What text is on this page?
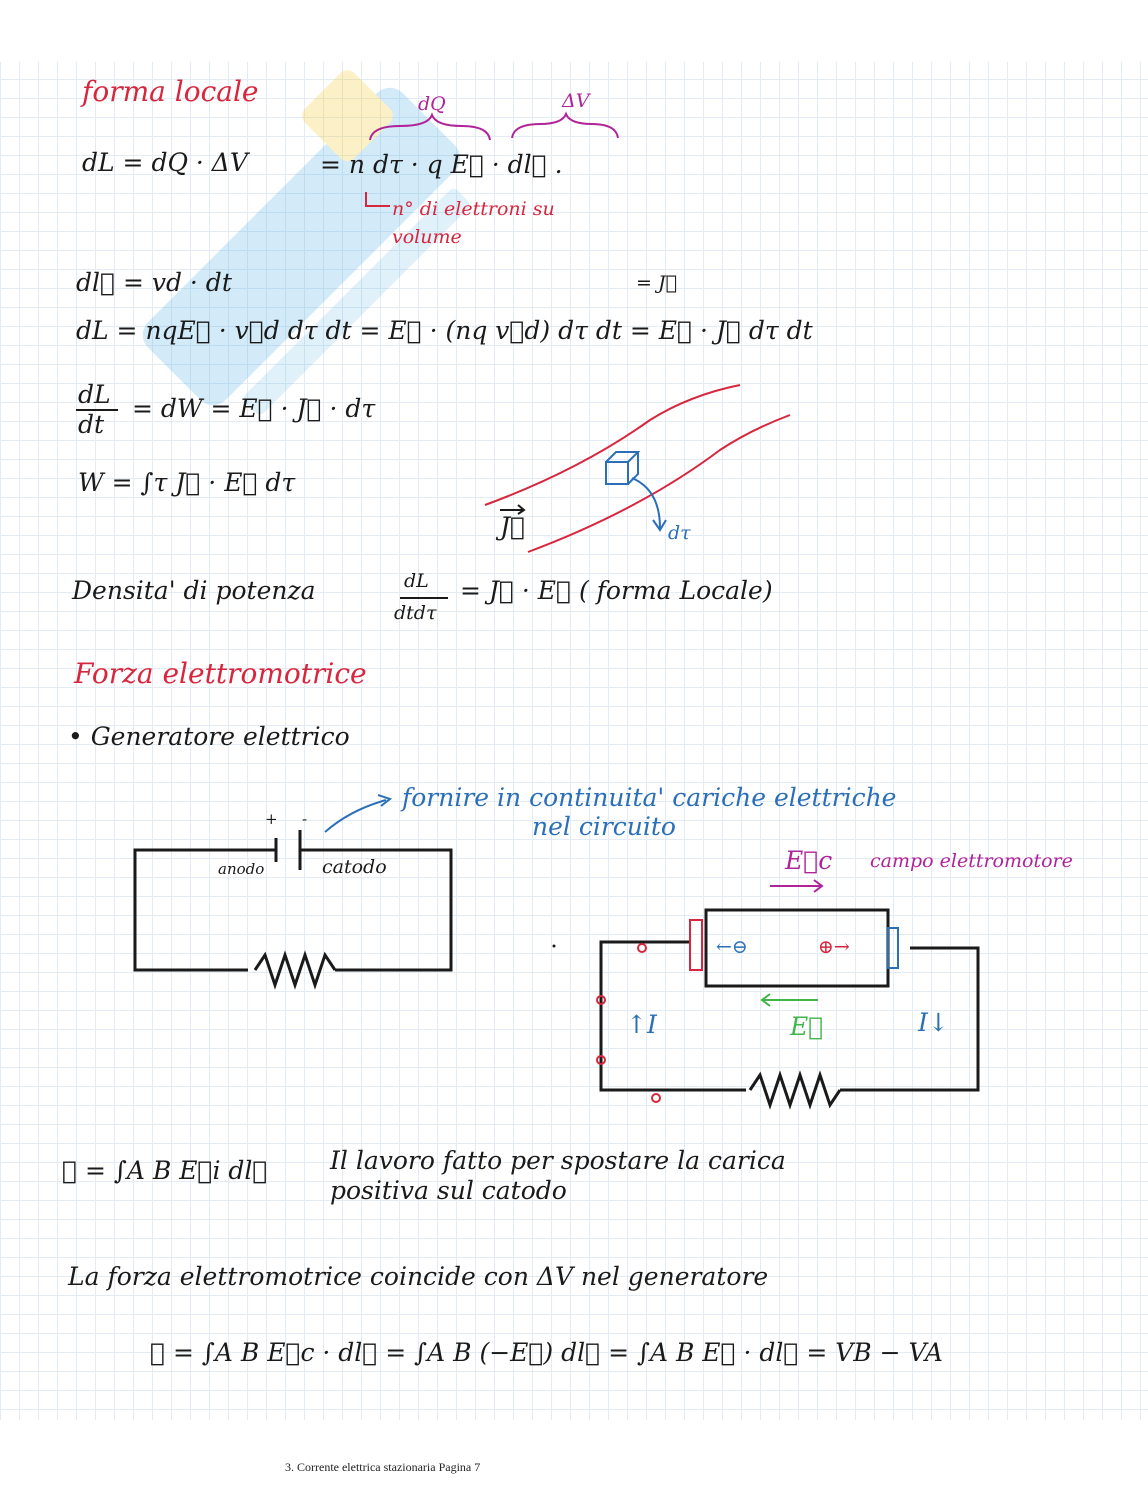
forma locale	dQ	ΔV
dL = dQ · ΔV	= n dτ · q E⃗ · dl⃗ .
n° di elettroni su
volume
dl⃗ = vd · dt	= J⃗
dL = nqE⃗ · v⃗d dτ dt = E⃗ · (nq v⃗d) dτ dt = E⃗ · J⃗ dτ dt
dL
dt
= dW = E⃗ · J⃗ · dτ
W = ∫τ J⃗ · E⃗ dτ
J⃗	dτ
Densita' di potenza	dL
dtdτ
= J⃗ · E⃗ ( forma Locale)
Forza elettromotrice
• Generatore elettrico
fornire in continuita' cariche elettriche
nel circuito
+ -
anodo	catodo	E⃗c campo elettromotore
←⊖	⊕→
E⃗
↑I	I↓
ℰ = ∫A B E⃗i dl⃗	Il lavoro fatto per spostare la carica
positiva sul catodo
La forza elettromotrice coincide con ΔV nel generatore
ℰ = ∫A B E⃗c · dl⃗ = ∫A B (−E⃗) dl⃗ = ∫A B E⃗ · dl⃗ = VB − VA
3. Corrente elettrica stazionaria Pagina 7
